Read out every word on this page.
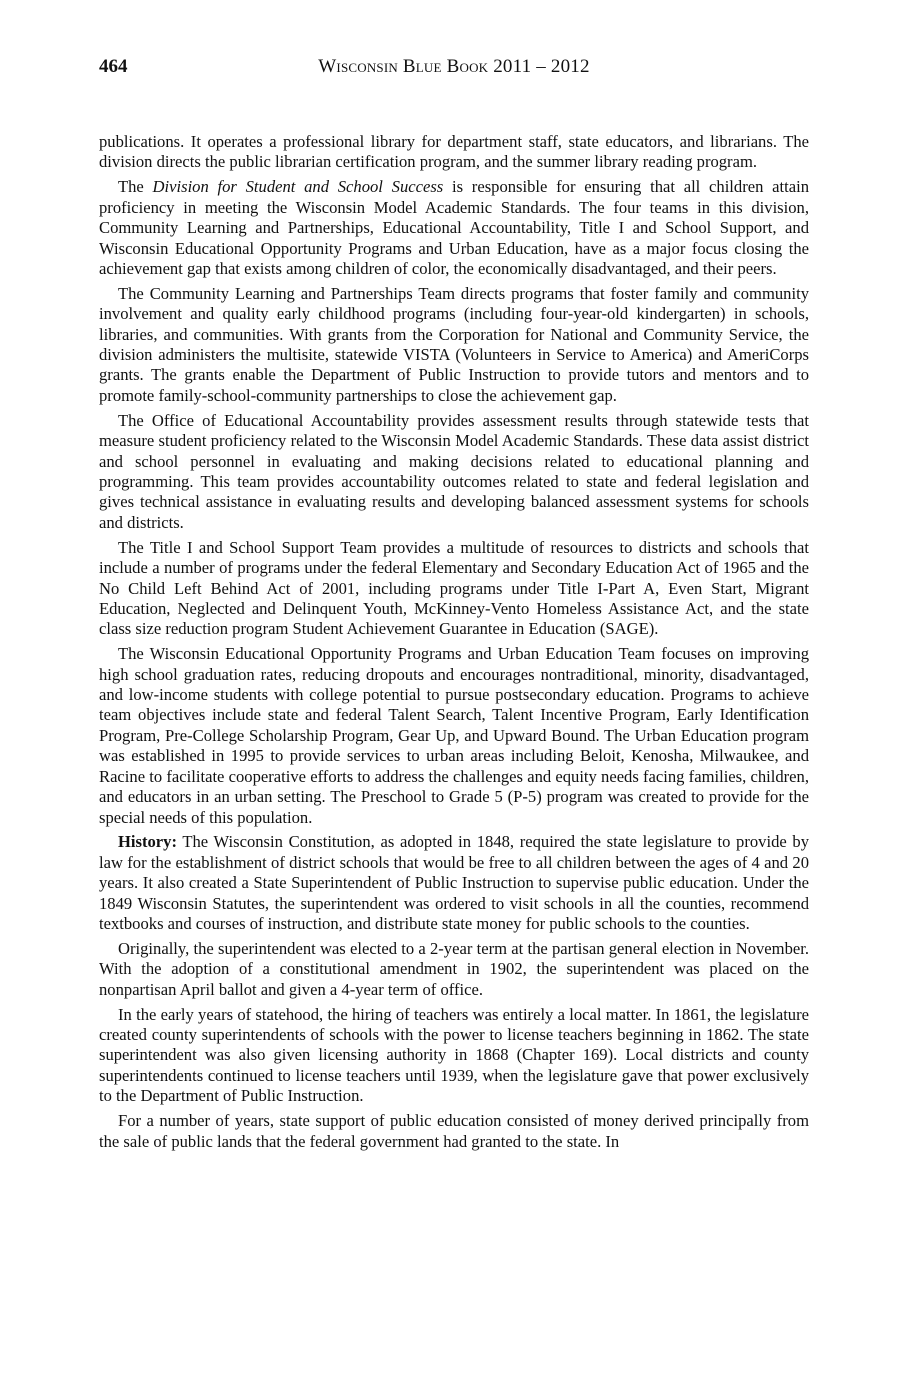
464	Wisconsin Blue Book 2011 – 2012

publications. It operates a professional library for department staff, state educators, and librarians. The division directs the public librarian certification program, and the summer library reading program.

The Division for Student and School Success is responsible for ensuring that all children attain proficiency in meeting the Wisconsin Model Academic Standards. The four teams in this division, Community Learning and Partnerships, Educational Accountability, Title I and School Support, and Wisconsin Educational Opportunity Programs and Urban Education, have as a major focus closing the achievement gap that exists among children of color, the economically disadvantaged, and their peers.

The Community Learning and Partnerships Team directs programs that foster family and community involvement and quality early childhood programs (including four-year-old kindergarten) in schools, libraries, and communities. With grants from the Corporation for National and Community Service, the division administers the multisite, statewide VISTA (Volunteers in Service to America) and AmeriCorps grants. The grants enable the Department of Public Instruction to provide tutors and mentors and to promote family-school-community partnerships to close the achievement gap.

The Office of Educational Accountability provides assessment results through statewide tests that measure student proficiency related to the Wisconsin Model Academic Standards. These data assist district and school personnel in evaluating and making decisions related to educational planning and programming. This team provides accountability outcomes related to state and federal legislation and gives technical assistance in evaluating results and developing balanced assessment systems for schools and districts.

The Title I and School Support Team provides a multitude of resources to districts and schools that include a number of programs under the federal Elementary and Secondary Education Act of 1965 and the No Child Left Behind Act of 2001, including programs under Title I-Part A, Even Start, Migrant Education, Neglected and Delinquent Youth, McKinney-Vento Homeless Assistance Act, and the state class size reduction program Student Achievement Guarantee in Education (SAGE).

The Wisconsin Educational Opportunity Programs and Urban Education Team focuses on improving high school graduation rates, reducing dropouts and encourages nontraditional, minority, disadvantaged, and low-income students with college potential to pursue postsecondary education. Programs to achieve team objectives include state and federal Talent Search, Talent Incentive Program, Early Identification Program, Pre-College Scholarship Program, Gear Up, and Upward Bound. The Urban Education program was established in 1995 to provide services to urban areas including Beloit, Kenosha, Milwaukee, and Racine to facilitate cooperative efforts to address the challenges and equity needs facing families, children, and educators in an urban setting. The Preschool to Grade 5 (P-5) program was created to provide for the special needs of this population.

History: The Wisconsin Constitution, as adopted in 1848, required the state legislature to provide by law for the establishment of district schools that would be free to all children between the ages of 4 and 20 years. It also created a State Superintendent of Public Instruction to supervise public education. Under the 1849 Wisconsin Statutes, the superintendent was ordered to visit schools in all the counties, recommend textbooks and courses of instruction, and distribute state money for public schools to the counties.

Originally, the superintendent was elected to a 2-year term at the partisan general election in November. With the adoption of a constitutional amendment in 1902, the superintendent was placed on the nonpartisan April ballot and given a 4-year term of office.

In the early years of statehood, the hiring of teachers was entirely a local matter. In 1861, the legislature created county superintendents of schools with the power to license teachers beginning in 1862. The state superintendent was also given licensing authority in 1868 (Chapter 169). Local districts and county superintendents continued to license teachers until 1939, when the legislature gave that power exclusively to the Department of Public Instruction.

For a number of years, state support of public education consisted of money derived principally from the sale of public lands that the federal government had granted to the state. In
